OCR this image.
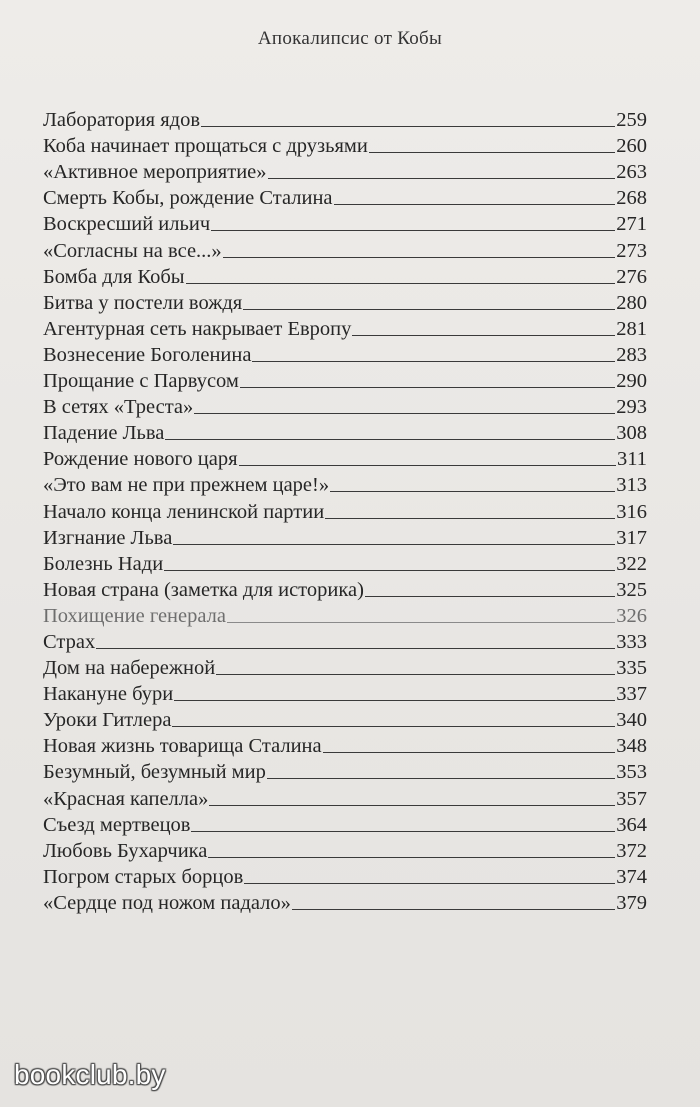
Апокалипсис от Кобы
Лаборатория ядов	259
Коба начинает прощаться с друзьями	260
«Активное мероприятие»	263
Смерть Кобы, рождение Сталина	268
Воскресший ильич	271
«Согласны на все...»	273
Бомба для Кобы	276
Битва у постели вождя	280
Агентурная сеть накрывает Европу	281
Вознесение Боголенина	283
Прощание с Парвусом	290
В сетях «Треста»	293
Падение Льва	308
Рождение нового царя	311
«Это вам не при прежнем царе!»	313
Начало конца ленинской партии	316
Изгнание Льва	317
Болезнь Нади	322
Новая страна (заметка для историка)	325
Похищение генерала	326
Страх	333
Дом на набережной	335
Накануне бури	337
Уроки Гитлера	340
Новая жизнь товарища Сталина	348
Безумный, безумный мир	353
«Красная капелла»	357
Съезд мертвецов	364
Любовь Бухарчика	372
Погром старых борцов	374
«Сердце под ножом падало»	379
bookclub.by
